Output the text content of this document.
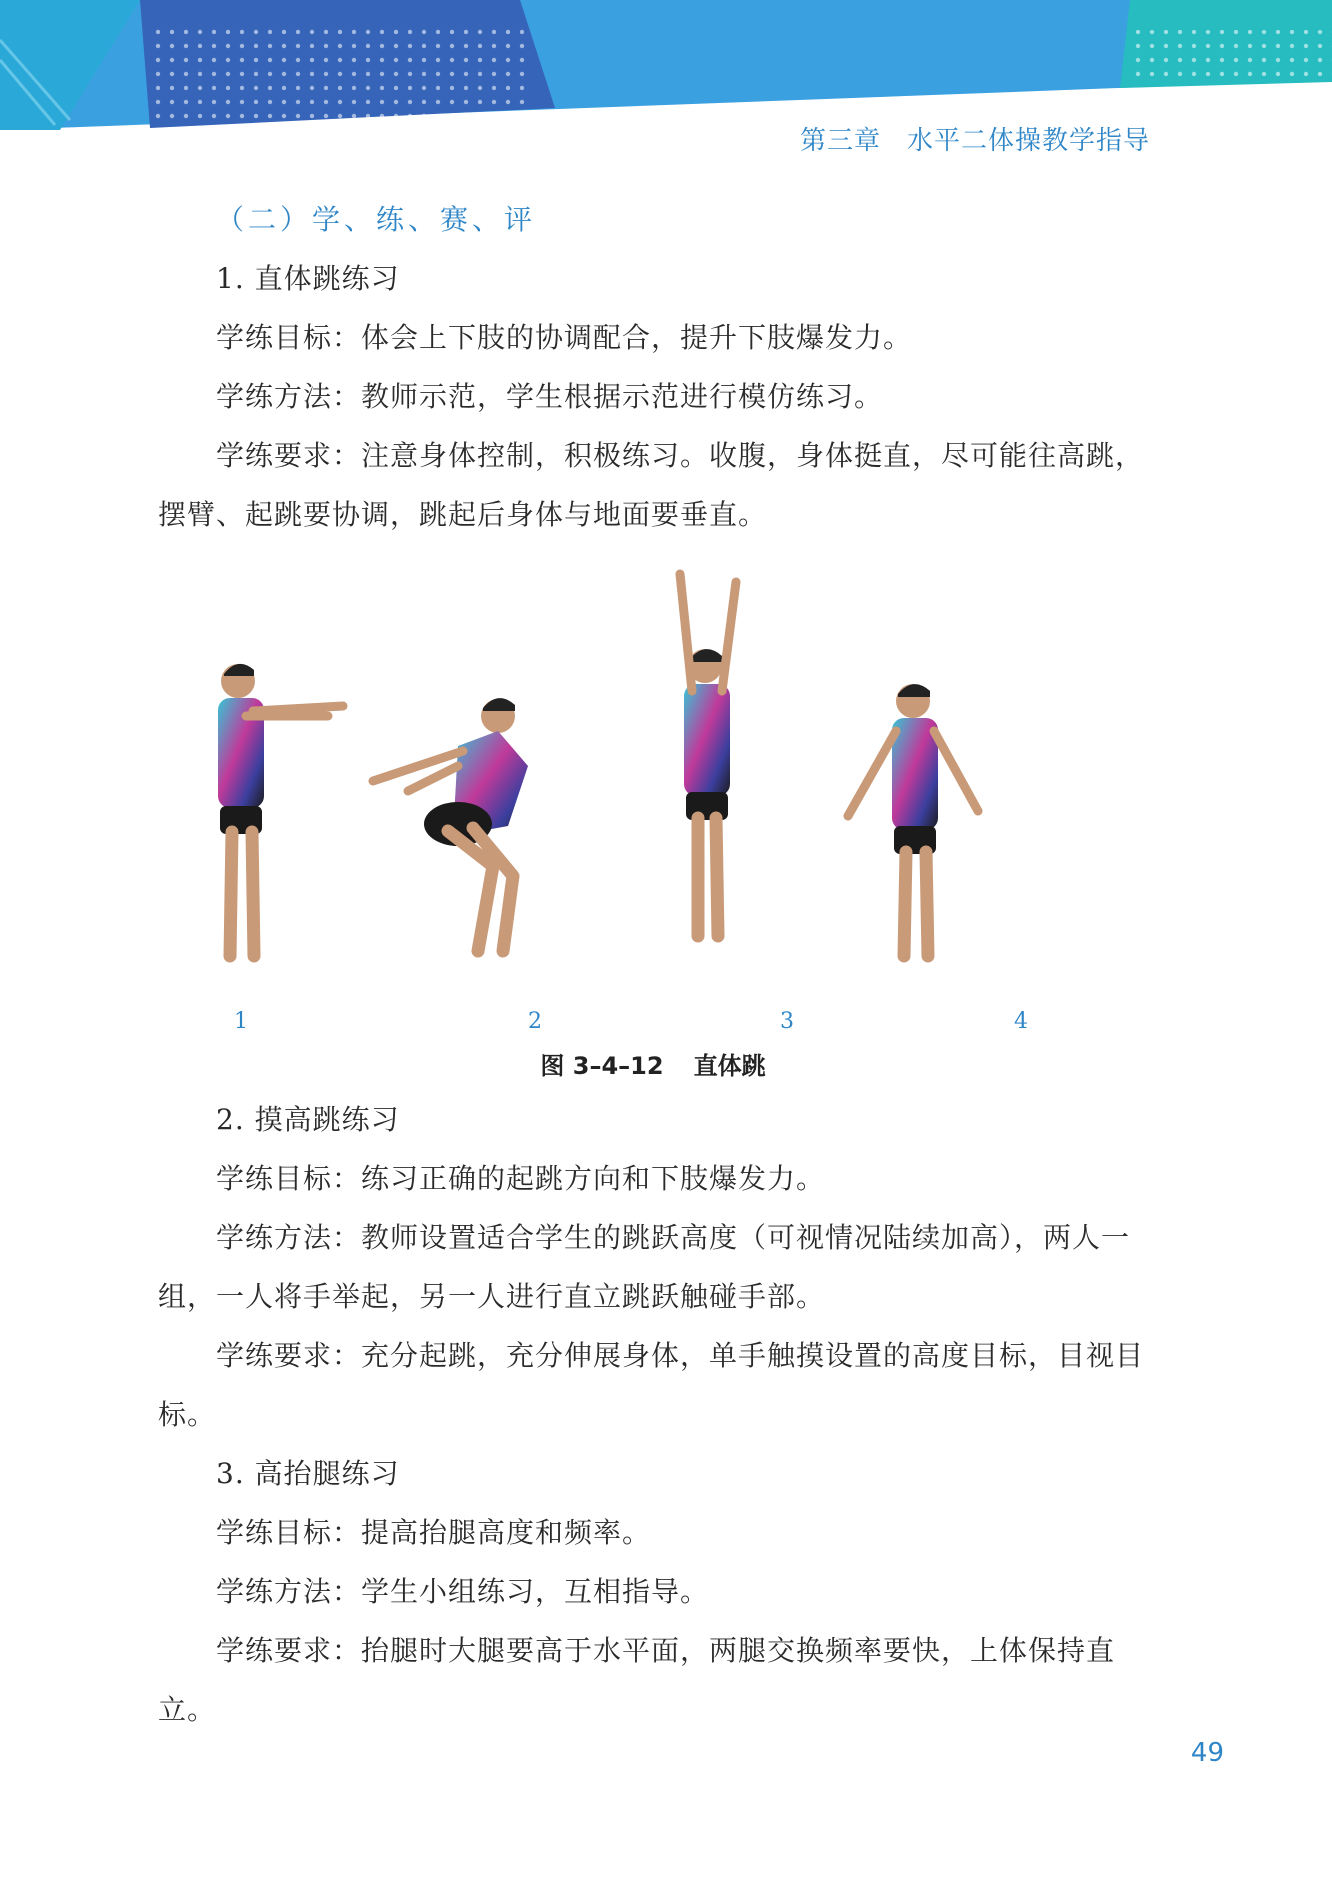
第三章 水平二体操教学指导

（二）学、练、赛、评

1. 直体跳练习

学练目标：体会上下肢的协调配合，提升下肢爆发力。

学练方法：教师示范，学生根据示范进行模仿练习。

学练要求：注意身体控制，积极练习。收腹，身体挺直，尽可能往高跳，摆臂、起跳要协调，跳起后身体与地面要垂直。

1	2	3	4

图 3–4–12 直体跳

2. 摸高跳练习

学练目标：练习正确的起跳方向和下肢爆发力。

学练方法：教师设置适合学生的跳跃高度（可视情况陆续加高），两人一组，一人将手举起，另一人进行直立跳跃触碰手部。

学练要求：充分起跳，充分伸展身体，单手触摸设置的高度目标，目视目标。

3. 高抬腿练习

学练目标：提高抬腿高度和频率。

学练方法：学生小组练习，互相指导。

学练要求：抬腿时大腿要高于水平面，两腿交换频率要快，上体保持直立。

49
